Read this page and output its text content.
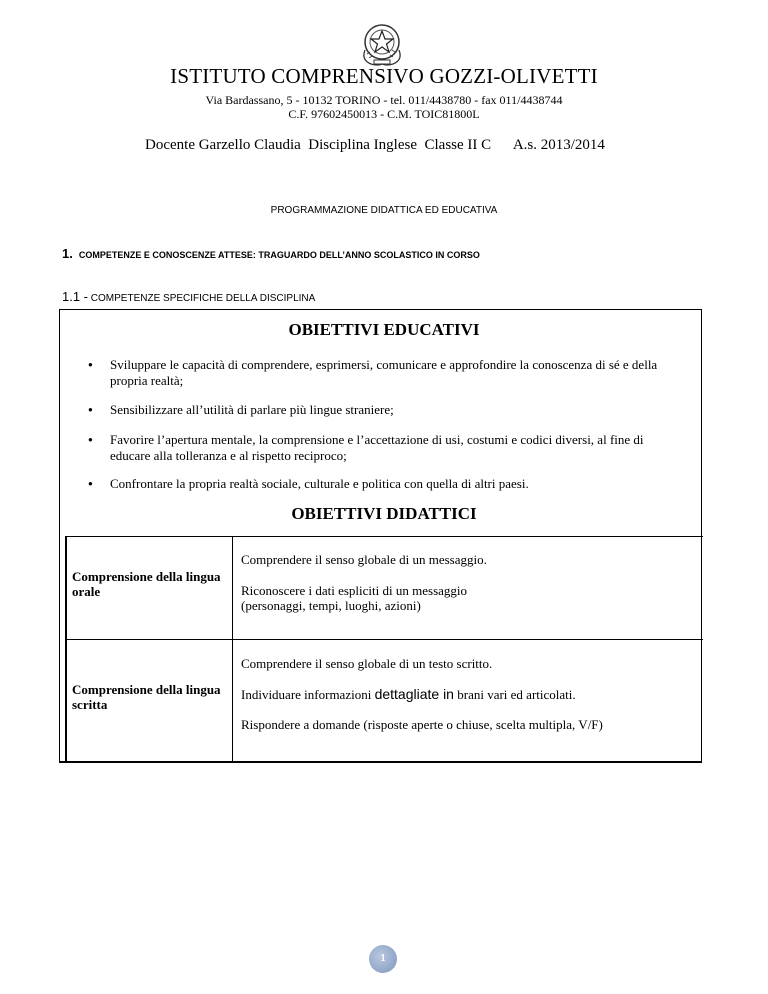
ISTITUTO COMPRENSIVO GOZZI-OLIVETTI
Via Bardassano, 5 - 10132 TORINO - tel. 011/4438780 - fax 011/4438744
C.F. 97602450013 - C.M. TOIC81800L
Docente Garzello Claudia  Disciplina Inglese  Classe II C      A.s. 2013/2014
PROGRAMMAZIONE DIDATTICA ED EDUCATIVA
1. COMPETENZE E CONOSCENZE ATTESE: TRAGUARDO DELL’ANNO SCOLASTICO IN CORSO
1.1 - COMPETENZE SPECIFICHE DELLA DISCIPLINA
OBIETTIVI EDUCATIVI
● Sviluppare le capacità di comprendere, esprimersi, comunicare e approfondire la conoscenza di sé e della propria realtà;
● Sensibilizzare all’utilità di parlare più lingue straniere;
● Favorire l’apertura mentale, la comprensione e l’accettazione di usi, costumi e codici diversi, al fine di educare alla tolleranza e al rispetto reciproco;
● Confrontare la propria realtà sociale, culturale e politica con quella di altri paesi.
OBIETTIVI DIDATTICI
Comprensione della lingua orale
Comprendere il senso globale di un messaggio.
Riconoscere i dati espliciti di un messaggio
(personaggi, tempi, luoghi, azioni)
Comprensione della lingua scritta
Comprendere il senso globale di un testo scritto.
Individuare informazioni dettagliate in brani vari ed articolati.
Rispondere a domande (risposte aperte o chiuse, scelta multipla, V/F)
1
